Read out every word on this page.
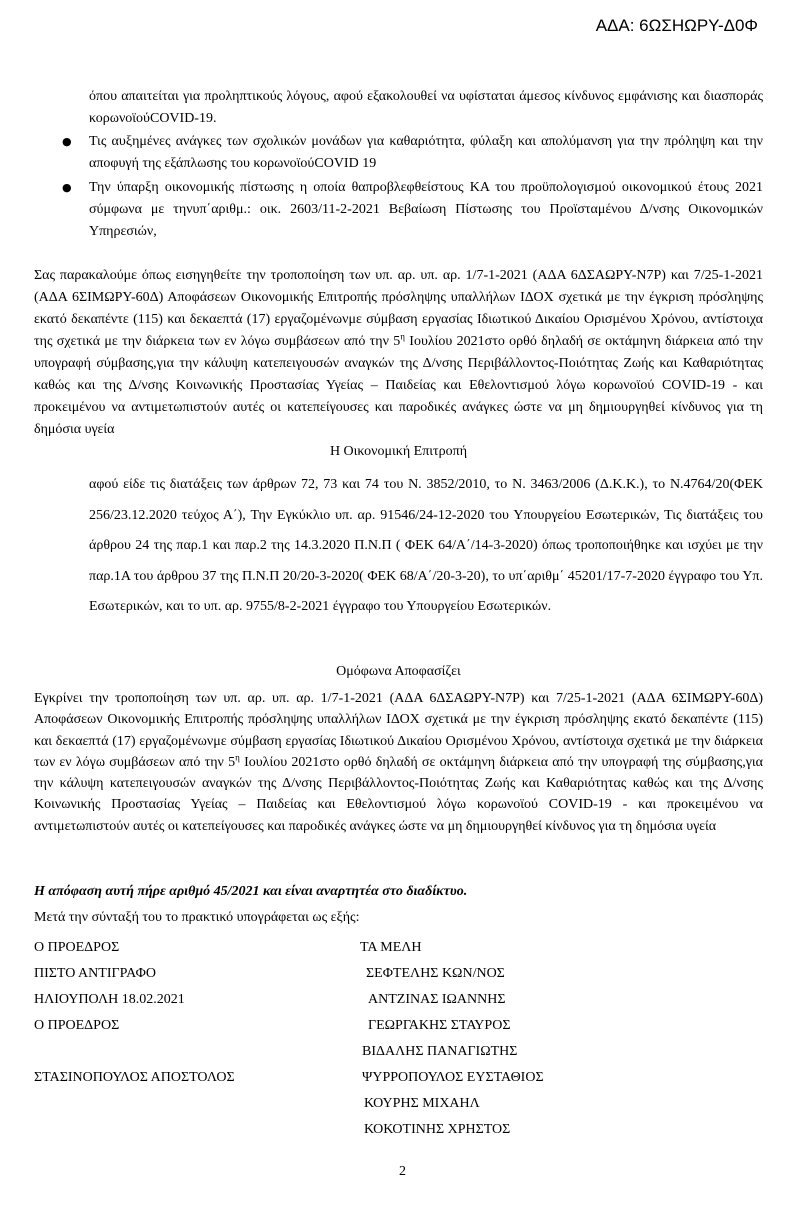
ΑΔΑ: 6ΩΣΗΩΡΥ-Δ0Φ

όπου απαιτείται για προληπτικούς λόγους, αφού εξακολουθεί να υφίσταται άμεσος κίνδυνος εμφάνισης και διασποράς κορωνοϊούCOVID-19.

● Τις αυξημένες ανάγκες των σχολικών μονάδων για καθαριότητα, φύλαξη και απολύμανση για την πρόληψη και την αποφυγή της εξάπλωσης του κορωνοϊούCOVID 19

● Την ύπαρξη οικονομικής πίστωσης η οποία θαπροβλεφθείστους ΚΑ του προϋπολογισμού οικονομικού έτους 2021 σύμφωνα με τηνυπ΄αριθμ.: οικ. 2603/11-2-2021 Βεβαίωση Πίστωσης του Προϊσταμένου Δ/νσης Οικονομικών Υπηρεσιών,

Σας παρακαλούμε όπως εισηγηθείτε την τροποποίηση των υπ. αρ. υπ. αρ. 1/7-1-2021 (ΑΔΑ 6ΔΣΑΩΡΥ-Ν7Ρ) και 7/25-1-2021 (ΑΔΑ 6ΣΙΜΩΡΥ-60Δ) Αποφάσεων Οικονομικής Επιτροπής πρόσληψης υπαλλήλων ΙΔΟΧ σχετικά με την έγκριση πρόσληψης εκατό δεκαπέντε (115) και δεκαεπτά (17) εργαζομένωνμε σύμβαση εργασίας Ιδιωτικού Δικαίου Ορισμένου Χρόνου, αντίστοιχα της σχετικά με την διάρκεια των εν λόγω συμβάσεων από την $5^\eta$ Ιουλίου 2021στο ορθό δηλαδή σε οκτάμηνη διάρκεια από την υπογραφή σύμβασης,για την κάλυψη κατεπειγουσών αναγκών της Δ/νσης Περιβάλλοντος-Ποιότητας Ζωής και Καθαριότητας καθώς και της Δ/νσης Κοινωνικής Προστασίας Υγείας – Παιδείας και Εθελοντισμού λόγω κορωνοϊού COVID-19 - και προκειμένου να αντιμετωπιστούν αυτές οι κατεπείγουσες και παροδικές ανάγκες ώστε να μη δημιουργηθεί κίνδυνος για τη δημόσια υγεία

Η Οικονομική Επιτροπή

αφού είδε τις διατάξεις των άρθρων 72, 73 και 74 του Ν. 3852/2010, το Ν. 3463/2006 (Δ.Κ.Κ.), το Ν.4764/20(ΦΕΚ 256/23.12.2020 τεύχος Α΄), Την Εγκύκλιο υπ. αρ. 91546/24-12-2020 του Υπουργείου Εσωτερικών, Τις διατάξεις του άρθρου 24 της παρ.1 και παρ.2 της 14.3.2020 Π.Ν.Π ( ΦΕΚ 64/Α΄/14-3-2020) όπως τροποποιήθηκε και ισχύει με την παρ.1Α του άρθρου 37 της Π.Ν.Π 20/20-3-2020( ΦΕΚ 68/Α΄/20-3-20), το υπ΄αριθμ΄ 45201/17-7-2020 έγγραφο του Υπ. Εσωτερικών, και το υπ. αρ. 9755/8-2-2021 έγγραφο του Υπουργείου Εσωτερικών.

Ομόφωνα Αποφασίζει

Εγκρίνει την τροποποίηση των υπ. αρ. υπ. αρ. 1/7-1-2021 (ΑΔΑ 6ΔΣΑΩΡΥ-Ν7Ρ) και 7/25-1-2021 (ΑΔΑ 6ΣΙΜΩΡΥ-60Δ) Αποφάσεων Οικονομικής Επιτροπής πρόσληψης υπαλλήλων ΙΔΟΧ σχετικά με την έγκριση πρόσληψης εκατό δεκαπέντε (115) και δεκαεπτά (17) εργαζομένωνμε σύμβαση εργασίας Ιδιωτικού Δικαίου Ορισμένου Χρόνου, αντίστοιχα σχετικά με την διάρκεια των εν λόγω συμβάσεων από την $5^\eta$ Ιουλίου 2021στο ορθό δηλαδή σε οκτάμηνη διάρκεια από την υπογραφή της σύμβασης,για την κάλυψη κατεπειγουσών αναγκών της Δ/νσης Περιβάλλοντος-Ποιότητας Ζωής και Καθαριότητας καθώς και της Δ/νσης Κοινωνικής Προστασίας Υγείας – Παιδείας και Εθελοντισμού λόγω κορωνοϊού COVID-19 - και προκειμένου να αντιμετωπιστούν αυτές οι κατεπείγουσες και παροδικές ανάγκες ώστε να μη δημιουργηθεί κίνδυνος για τη δημόσια υγεία

Η απόφαση αυτή πήρε αριθμό 45/2021 και είναι αναρτητέα στο διαδίκτυο.

Μετά την σύνταξή του το πρακτικό υπογράφεται ως εξής:

Ο ΠΡΟΕΔΡΟΣ
ΠΙΣΤΟ ΑΝΤΙΓΡΑΦΟ
ΗΛΙΟΥΠΟΛΗ 18.02.2021
Ο ΠΡΟΕΔΡΟΣ
ΣΤΑΣΙΝΟΠΟΥΛΟΣ ΑΠΟΣΤΟΛΟΣ
ΤΑ ΜΕΛΗ
ΣΕΦΤΕΛΗΣ ΚΩΝ/ΝΟΣ
ΑΝΤΖΙΝΑΣ ΙΩΑΝΝΗΣ
ΓΕΩΡΓΑΚΗΣ ΣΤΑΥΡΟΣ
ΒΙΔΑΛΗΣ ΠΑΝΑΓΙΩΤΗΣ
ΨΥΡΡΟΠΟΥΛΟΣ ΕΥΣΤΑΘΙΟΣ
ΚΟΥΡΗΣ ΜΙΧΑΗΛ
ΚΟΚΟΤΙΝΗΣ ΧΡΗΣΤΟΣ
2
